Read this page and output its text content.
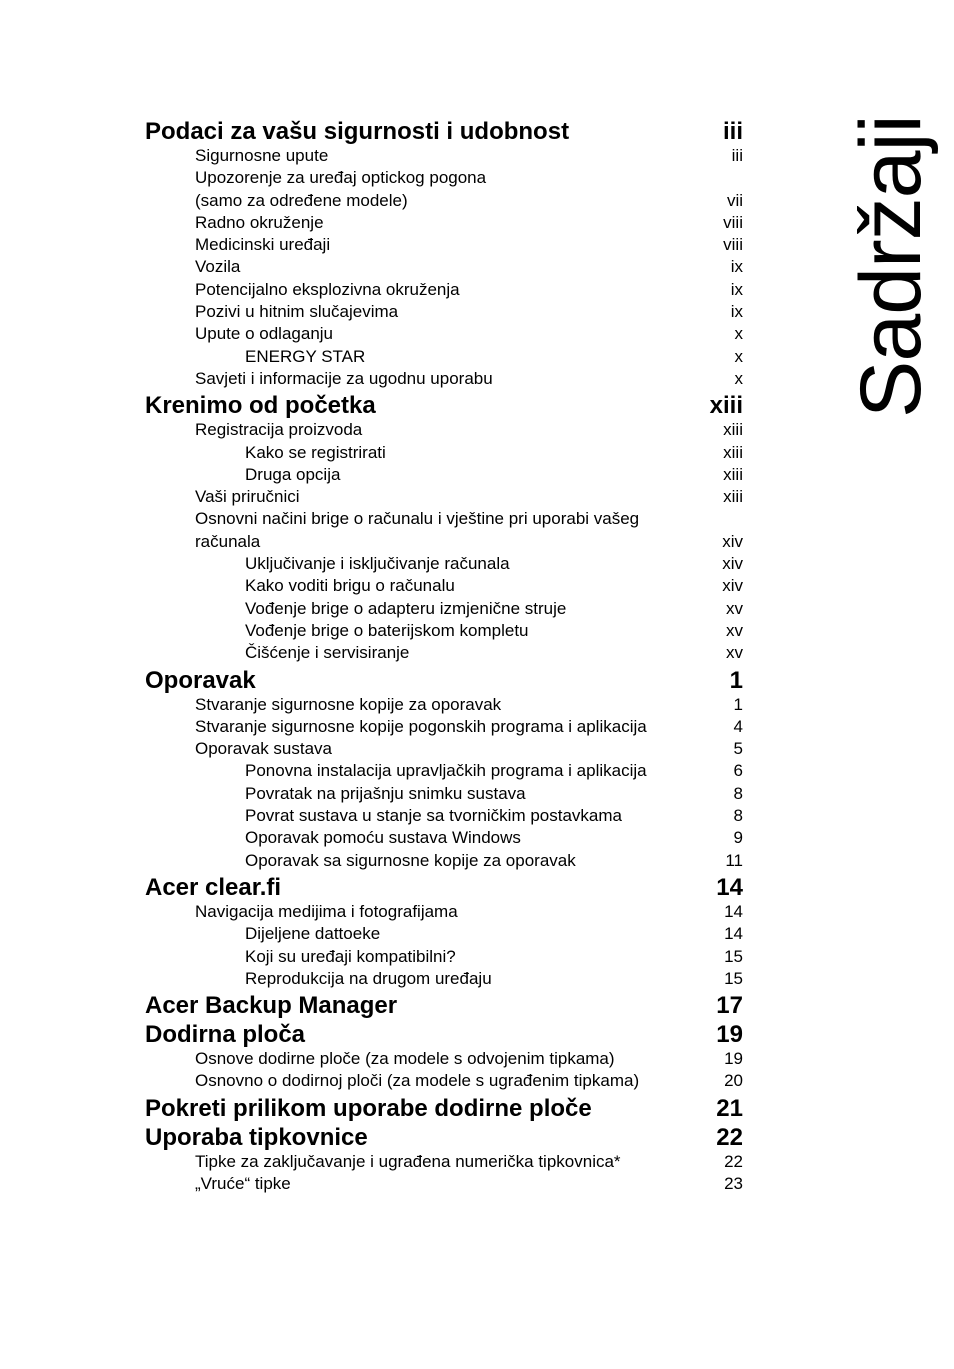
Sadržaji
Podaci za vašu sigurnosti i udobnost	iii
Sigurnosne upute	iii
Upozorenje za uređaj optickog pogona
(samo za određene modele)	vii
Radno okruženje	viii
Medicinski uređaji	viii
Vozila	ix
Potencijalno eksplozivna okruženja	ix
Pozivi u hitnim slučajevima	ix
Upute o odlaganju	x
ENERGY STAR	x
Savjeti i informacije za ugodnu uporabu	x
Krenimo od početka	xiii
Registracija proizvoda	xiii
Kako se registrirati	xiii
Druga opcija	xiii
Vaši priručnici	xiii
Osnovni načini brige o računalu i vještine pri uporabi vašeg
računala	xiv
Uključivanje i isključivanje računala	xiv
Kako voditi brigu o računalu	xiv
Vođenje brige o adapteru izmjenične struje	xv
Vođenje brige o baterijskom kompletu	xv
Čišćenje i servisiranje	xv
Oporavak	1
Stvaranje sigurnosne kopije za oporavak	1
Stvaranje sigurnosne kopije pogonskih programa i aplikacija	4
Oporavak sustava	5
Ponovna instalacija upravljačkih programa i aplikacija	6
Povratak na prijašnju snimku sustava	8
Povrat sustava u stanje sa tvorničkim postavkama	8
Oporavak pomoću sustava Windows	9
Oporavak sa sigurnosne kopije za oporavak	11
Acer clear.fi	14
Navigacija medijima i fotografijama	14
Dijeljene dattoeke	14
Koji su uređaji kompatibilni?	15
Reprodukcija na drugom uređaju	15
Acer Backup Manager	17
Dodirna ploča	19
Osnove dodirne ploče (za modele s odvojenim tipkama)	19
Osnovno o dodirnoj ploči (za modele s ugrađenim tipkama)	20
Pokreti prilikom uporabe dodirne ploče	21
Uporaba tipkovnice	22
Tipke za zaključavanje i ugrađena numerička tipkovnica*	22
„Vruće“ tipke	23
